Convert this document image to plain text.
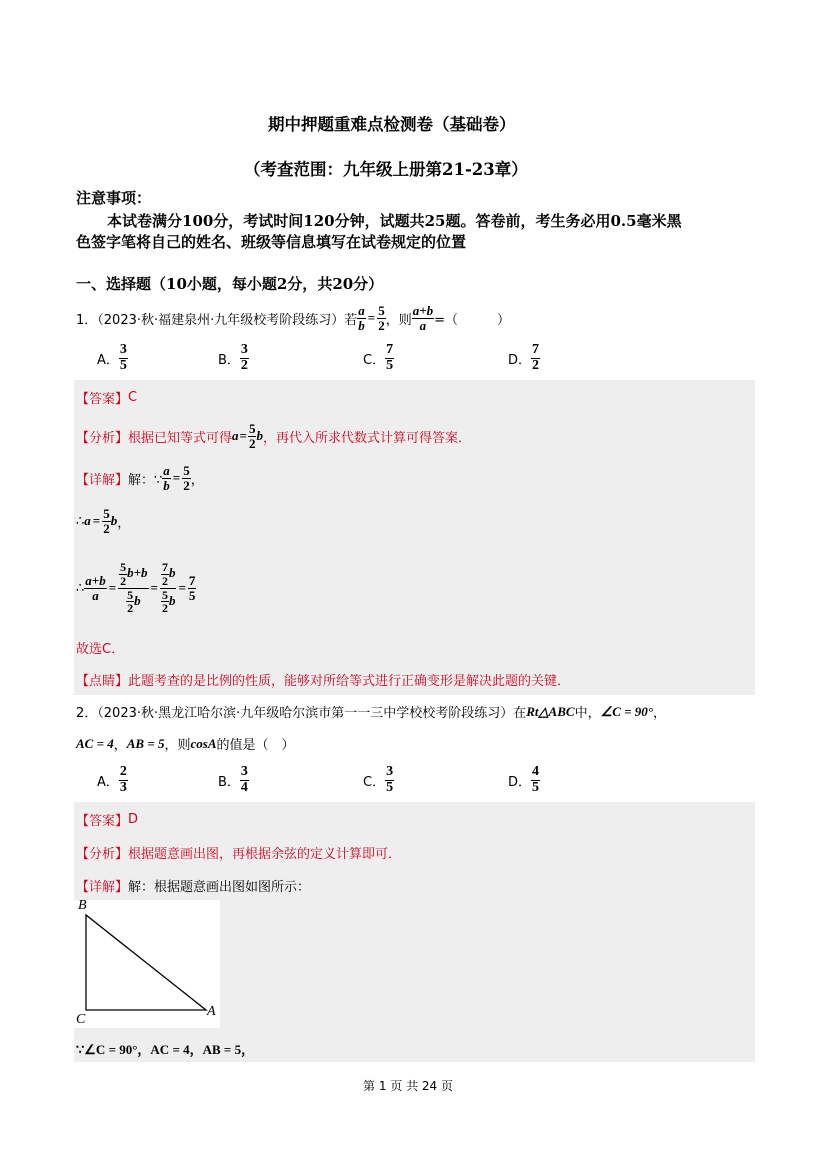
期中押题重难点检测卷（基础卷）
（考查范围：九年级上册第21-23章）
注意事项：
本试卷满分100分，考试时间120分钟，试题共25题。答卷前，考生务必用0.5毫米黑
色签字笔将自己的姓名、班级等信息填写在试卷规定的位置
一、选择题（10小题，每小题2分，共20分）
1．（2023·秋·福建泉州·九年级校考阶段练习）若 $\frac{a}{b} = \frac{5}{2}$ ，则 $\frac{a+b}{a}$ =（　　　）
A． $\frac{3}{5}$	B． $\frac{3}{2}$	C． $\frac{7}{5}$	D． $\frac{7}{2}$
【答案】 C
【分析】 根据已知等式可得 $a = \frac{5}{2}$ b ，再代入所求代数式计算可得答案．
【详解】 解：∵ $\frac{a}{b} = \frac{5}{2}$ ，
∴ $a = \frac{5}{2}$ b ，
∴ $\frac{a+b}{a} = \frac{\frac{5}{2} b+b}{\frac{5}{2} b} = \frac{\frac{7}{2} b}{\frac{5}{2} b} = \frac{7}{5}$
故选C．
【点睛】 此题考查的是比例的性质，能够对所给等式进行正确变形是解决此题的关键．
2．（2023·秋·黑龙江哈尔滨·九年级哈尔滨市第一一三中学校校考阶段练习）在 Rt△ABC 中， ∠C = 90° ，
AC = 4 ， AB = 5 ，则 cosA 的值是（　）
A． $\frac{2}{3}$	B． $\frac{3}{4}$	C． $\frac{3}{5}$	D． $\frac{4}{5}$
【答案】 D
【分析】 根据题意画出图，再根据余弦的定义计算即可．
【详解】 解：根据题意画出图如图所示：
B
C
A
∵∠C = 90°，AC = 4，AB = 5，
第 1 页 共 24 页
